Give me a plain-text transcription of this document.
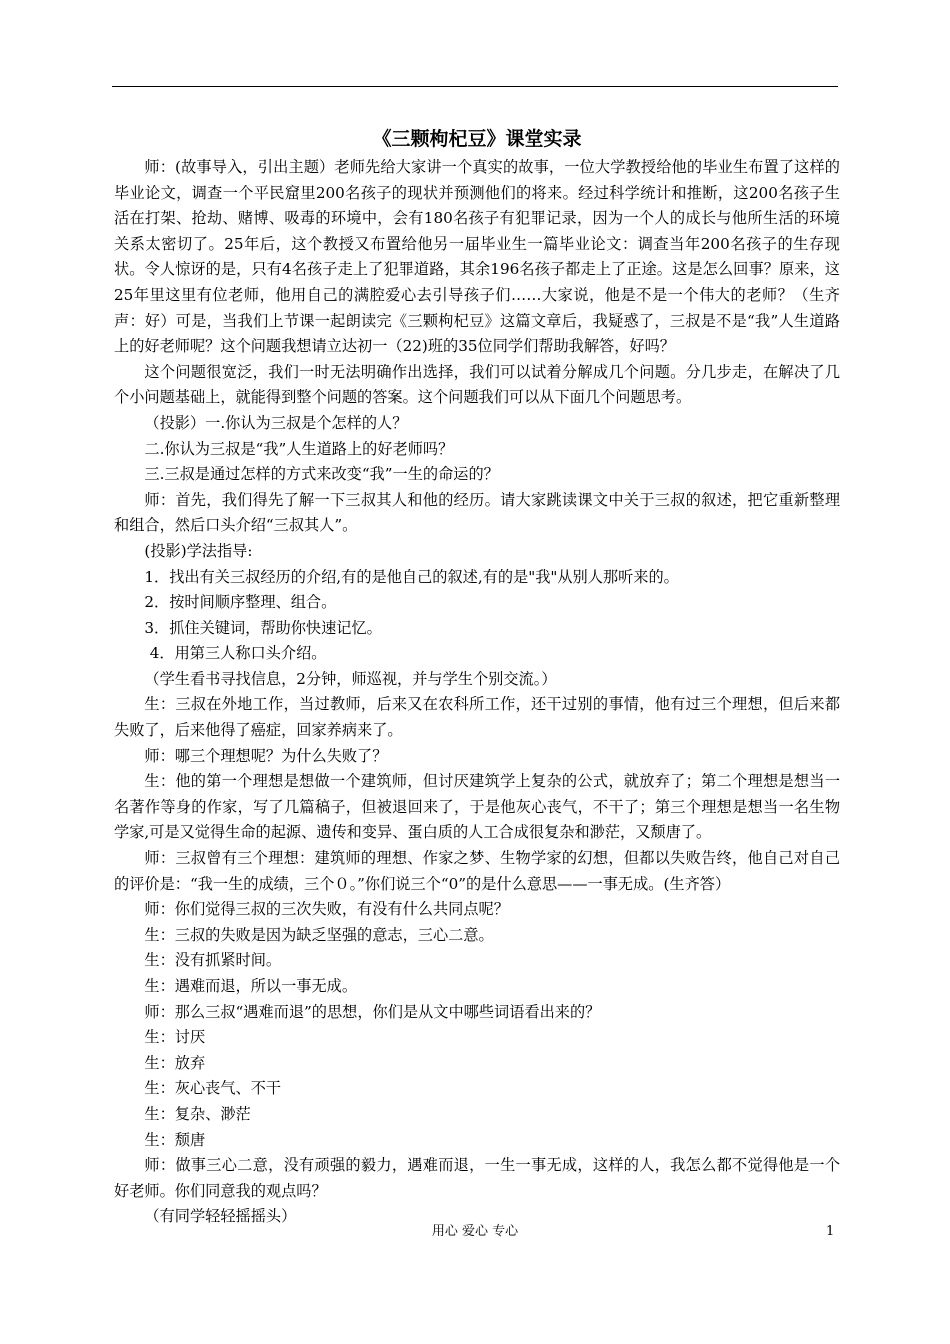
《三颗枸杞豆》课堂实录

师：(故事导入，引出主题）老师先给大家讲一个真实的故事，一位大学教授给他的毕业生布置了这样的毕业论文，调查一个平民窟里200名孩子的现状并预测他们的将来。经过科学统计和推断，这200名孩子生活在打架、抢劫、赌博、吸毒的环境中，会有180名孩子有犯罪记录，因为一个人的成长与他所生活的环境关系太密切了。25年后，这个教授又布置给他另一届毕业生一篇毕业论文：调查当年200名孩子的生存现状。令人惊讶的是，只有4名孩子走上了犯罪道路，其余196名孩子都走上了正途。这是怎么回事？原来，这25年里这里有位老师，他用自己的满腔爱心去引导孩子们……大家说，他是不是一个伟大的老师？（生齐声：好）可是，当我们上节课一起朗读完《三颗枸杞豆》这篇文章后，我疑惑了，三叔是不是“我”人生道路上的好老师呢？这个问题我想请立达初一（22)班的35位同学们帮助我解答，好吗？

这个问题很宽泛，我们一时无法明确作出选择，我们可以试着分解成几个问题。分几步走，在解决了几个小问题基础上，就能得到整个问题的答案。这个问题我们可以从下面几个问题思考。

（投影）一.你认为三叔是个怎样的人？

二.你认为三叔是“我”人生道路上的好老师吗？

三.三叔是通过怎样的方式来改变“我”一生的命运的？

师：首先，我们得先了解一下三叔其人和他的经历。请大家跳读课文中关于三叔的叙述，把它重新整理和组合，然后口头介绍“三叔其人”。

(投影)学法指导:

1．找出有关三叔经历的介绍,有的是他自己的叙述,有的是"我"从别人那听来的。

2．按时间顺序整理、组合。

3．抓住关键词，帮助你快速记忆。

4．用第三人称口头介绍。

（学生看书寻找信息，2分钟，师巡视，并与学生个别交流。）

生：三叔在外地工作，当过教师，后来又在农科所工作，还干过别的事情，他有过三个理想，但后来都失败了，后来他得了癌症，回家养病来了。

师：哪三个理想呢？为什么失败了？

生：他的第一个理想是想做一个建筑师，但讨厌建筑学上复杂的公式，就放弃了；第二个理想是想当一名著作等身的作家，写了几篇稿子，但被退回来了，于是他灰心丧气，不干了；第三个理想是想当一名生物学家,可是又觉得生命的起源、遗传和变异、蛋白质的人工合成很复杂和渺茫，又颓唐了。

师：三叔曾有三个理想：建筑师的理想、作家之梦、生物学家的幻想，但都以失败告终，他自己对自己的评价是：“我一生的成绩，三个０。”你们说三个“0”的是什么意思——一事无成。(生齐答）

师：你们觉得三叔的三次失败，有没有什么共同点呢？

生：三叔的失败是因为缺乏坚强的意志，三心二意。

生：没有抓紧时间。

生：遇难而退，所以一事无成。

师：那么三叔“遇难而退”的思想，你们是从文中哪些词语看出来的？

生：讨厌

生：放弃

生：灰心丧气、不干

生：复杂、渺茫

生：颓唐

师：做事三心二意，没有顽强的毅力，遇难而退，一生一事无成，这样的人，我怎么都不觉得他是一个好老师。你们同意我的观点吗？

（有同学轻轻摇摇头）

用心 爱心 专心	1
